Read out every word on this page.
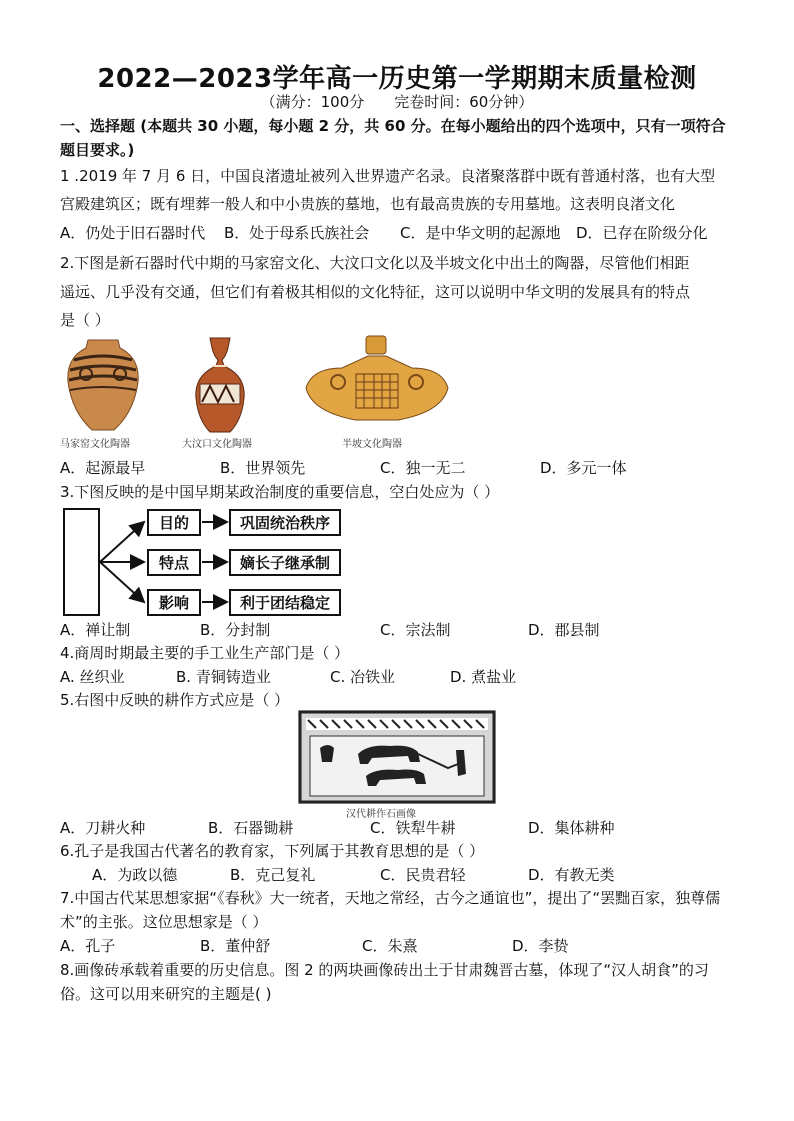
2022—2023学年高一历史第一学期期末质量检测
（满分：100分 完卷时间：60分钟）
一、选择题 (本题共 30 小题，每小题 2 分，共 60 分。在每小题给出的四个选项中，只有一项符合
题目要求。)
1 .2019 年 7 月 6 日，中国良渚遗址被列入世界遗产名录。良渚聚落群中既有普通村落，也有大型
宫殿建筑区；既有埋葬一般人和中小贵族的墓地，也有最高贵族的专用墓地。这表明良渚文化
A．仍处于旧石器时代 B．处于母系氏族社会 C．是中华文明的起源地 D．已存在阶级分化
2.下图是新石器时代中期的马家窑文化、大汶口文化以及半坡文化中出土的陶器，尽管他们相距
遥远、几乎没有交通，但它们有着极其相似的文化特征，这可以说明中华文明的发展具有的特点
是（ ）
马家窑文化陶器	大汶口文化陶器	半坡文化陶器
A．起源最早	B．世界领先	C．独一无二	D．多元一体
3.下图反映的是中国早期某政治制度的重要信息，空白处应为（ ）
目的
特点
影响
巩固统治秩序
嫡长子继承制
利于团结稳定
A．禅让制	B．分封制	C．宗法制	D．郡县制
4.商周时期最主要的手工业生产部门是（ ）
A. 丝织业	B. 青铜铸造业	C. 冶铁业	D. 煮盐业
5.右图中反映的耕作方式应是（ ）
汉代耕作石画像
A．刀耕火种	B．石器锄耕	C．铁犁牛耕	D．集体耕种
6.孔子是我国古代著名的教育家，下列属于其教育思想的是（ ）
A．为政以德	B．克己复礼	C．民贵君轻	D．有教无类
7.中国古代某思想家据“《春秋》大一统者，天地之常经，古今之通谊也”，提出了“罢黜百家，独尊儒
术”的主张。这位思想家是（ ）
A．孔子	B．董仲舒	C．朱熹	D．李贽
8.画像砖承载着重要的历史信息。图 2 的两块画像砖出土于甘肃魏晋古墓，体现了“汉人胡食”的习
俗。这可以用来研究的主题是( )
